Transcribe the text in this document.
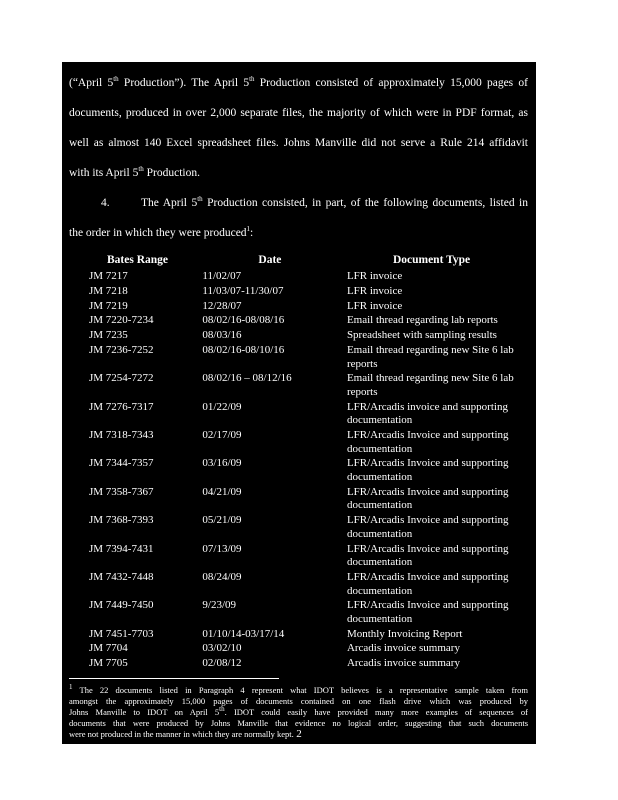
(“April 5th Production”). The April 5th Production consisted of approximately 15,000 pages of
documents, produced in over 2,000 separate files, the majority of which were in PDF format, as
well as almost 140 Excel spreadsheet files. Johns Manville did not serve a Rule 214 affidavit
with its April 5th Production.
4.	The April 5th Production consisted, in part, of the following documents, listed in
the order in which they were produced$^1$:
Bates Range	Date	Document Type
JM 7217	11/02/07	LFR invoice
JM 7218	11/03/07-11/30/07	LFR invoice
JM 7219	12/28/07	LFR invoice
JM 7220-7234	08/02/16-08/08/16	Email thread regarding lab reports
JM 7235	08/03/16	Spreadsheet with sampling results
JM 7236-7252	08/02/16-08/10/16	Email thread regarding new Site 6 lab reports
JM 7254-7272	08/02/16 – 08/12/16	Email thread regarding new Site 6 lab reports
JM 7276-7317	01/22/09	LFR/Arcadis invoice and supporting documentation
JM 7318-7343	02/17/09	LFR/Arcadis Invoice and supporting documentation
JM 7344-7357	03/16/09	LFR/Arcadis Invoice and supporting documentation
JM 7358-7367	04/21/09	LFR/Arcadis Invoice and supporting documentation
JM 7368-7393	05/21/09	LFR/Arcadis Invoice and supporting documentation
JM 7394-7431	07/13/09	LFR/Arcadis Invoice and supporting documentation
JM 7432-7448	08/24/09	LFR/Arcadis Invoice and supporting documentation
JM 7449-7450	9/23/09	LFR/Arcadis Invoice and supporting documentation
JM 7451-7703	01/10/14-03/17/14	Monthly Invoicing Report
JM 7704	03/02/10	Arcadis invoice summary
JM 7705	02/08/12	Arcadis invoice summary
$^1$ The 22 documents listed in Paragraph 4 represent what IDOT believes is a representative sample taken from
amongst the approximately 15,000 pages of documents contained on one flash drive which was produced by
Johns Manville to IDOT on April 5th. IDOT could easily have provided many more examples of sequences of
documents that were produced by Johns Manville that evidence no logical order, suggesting that such documents
were not produced in the manner in which they are normally kept. 2
